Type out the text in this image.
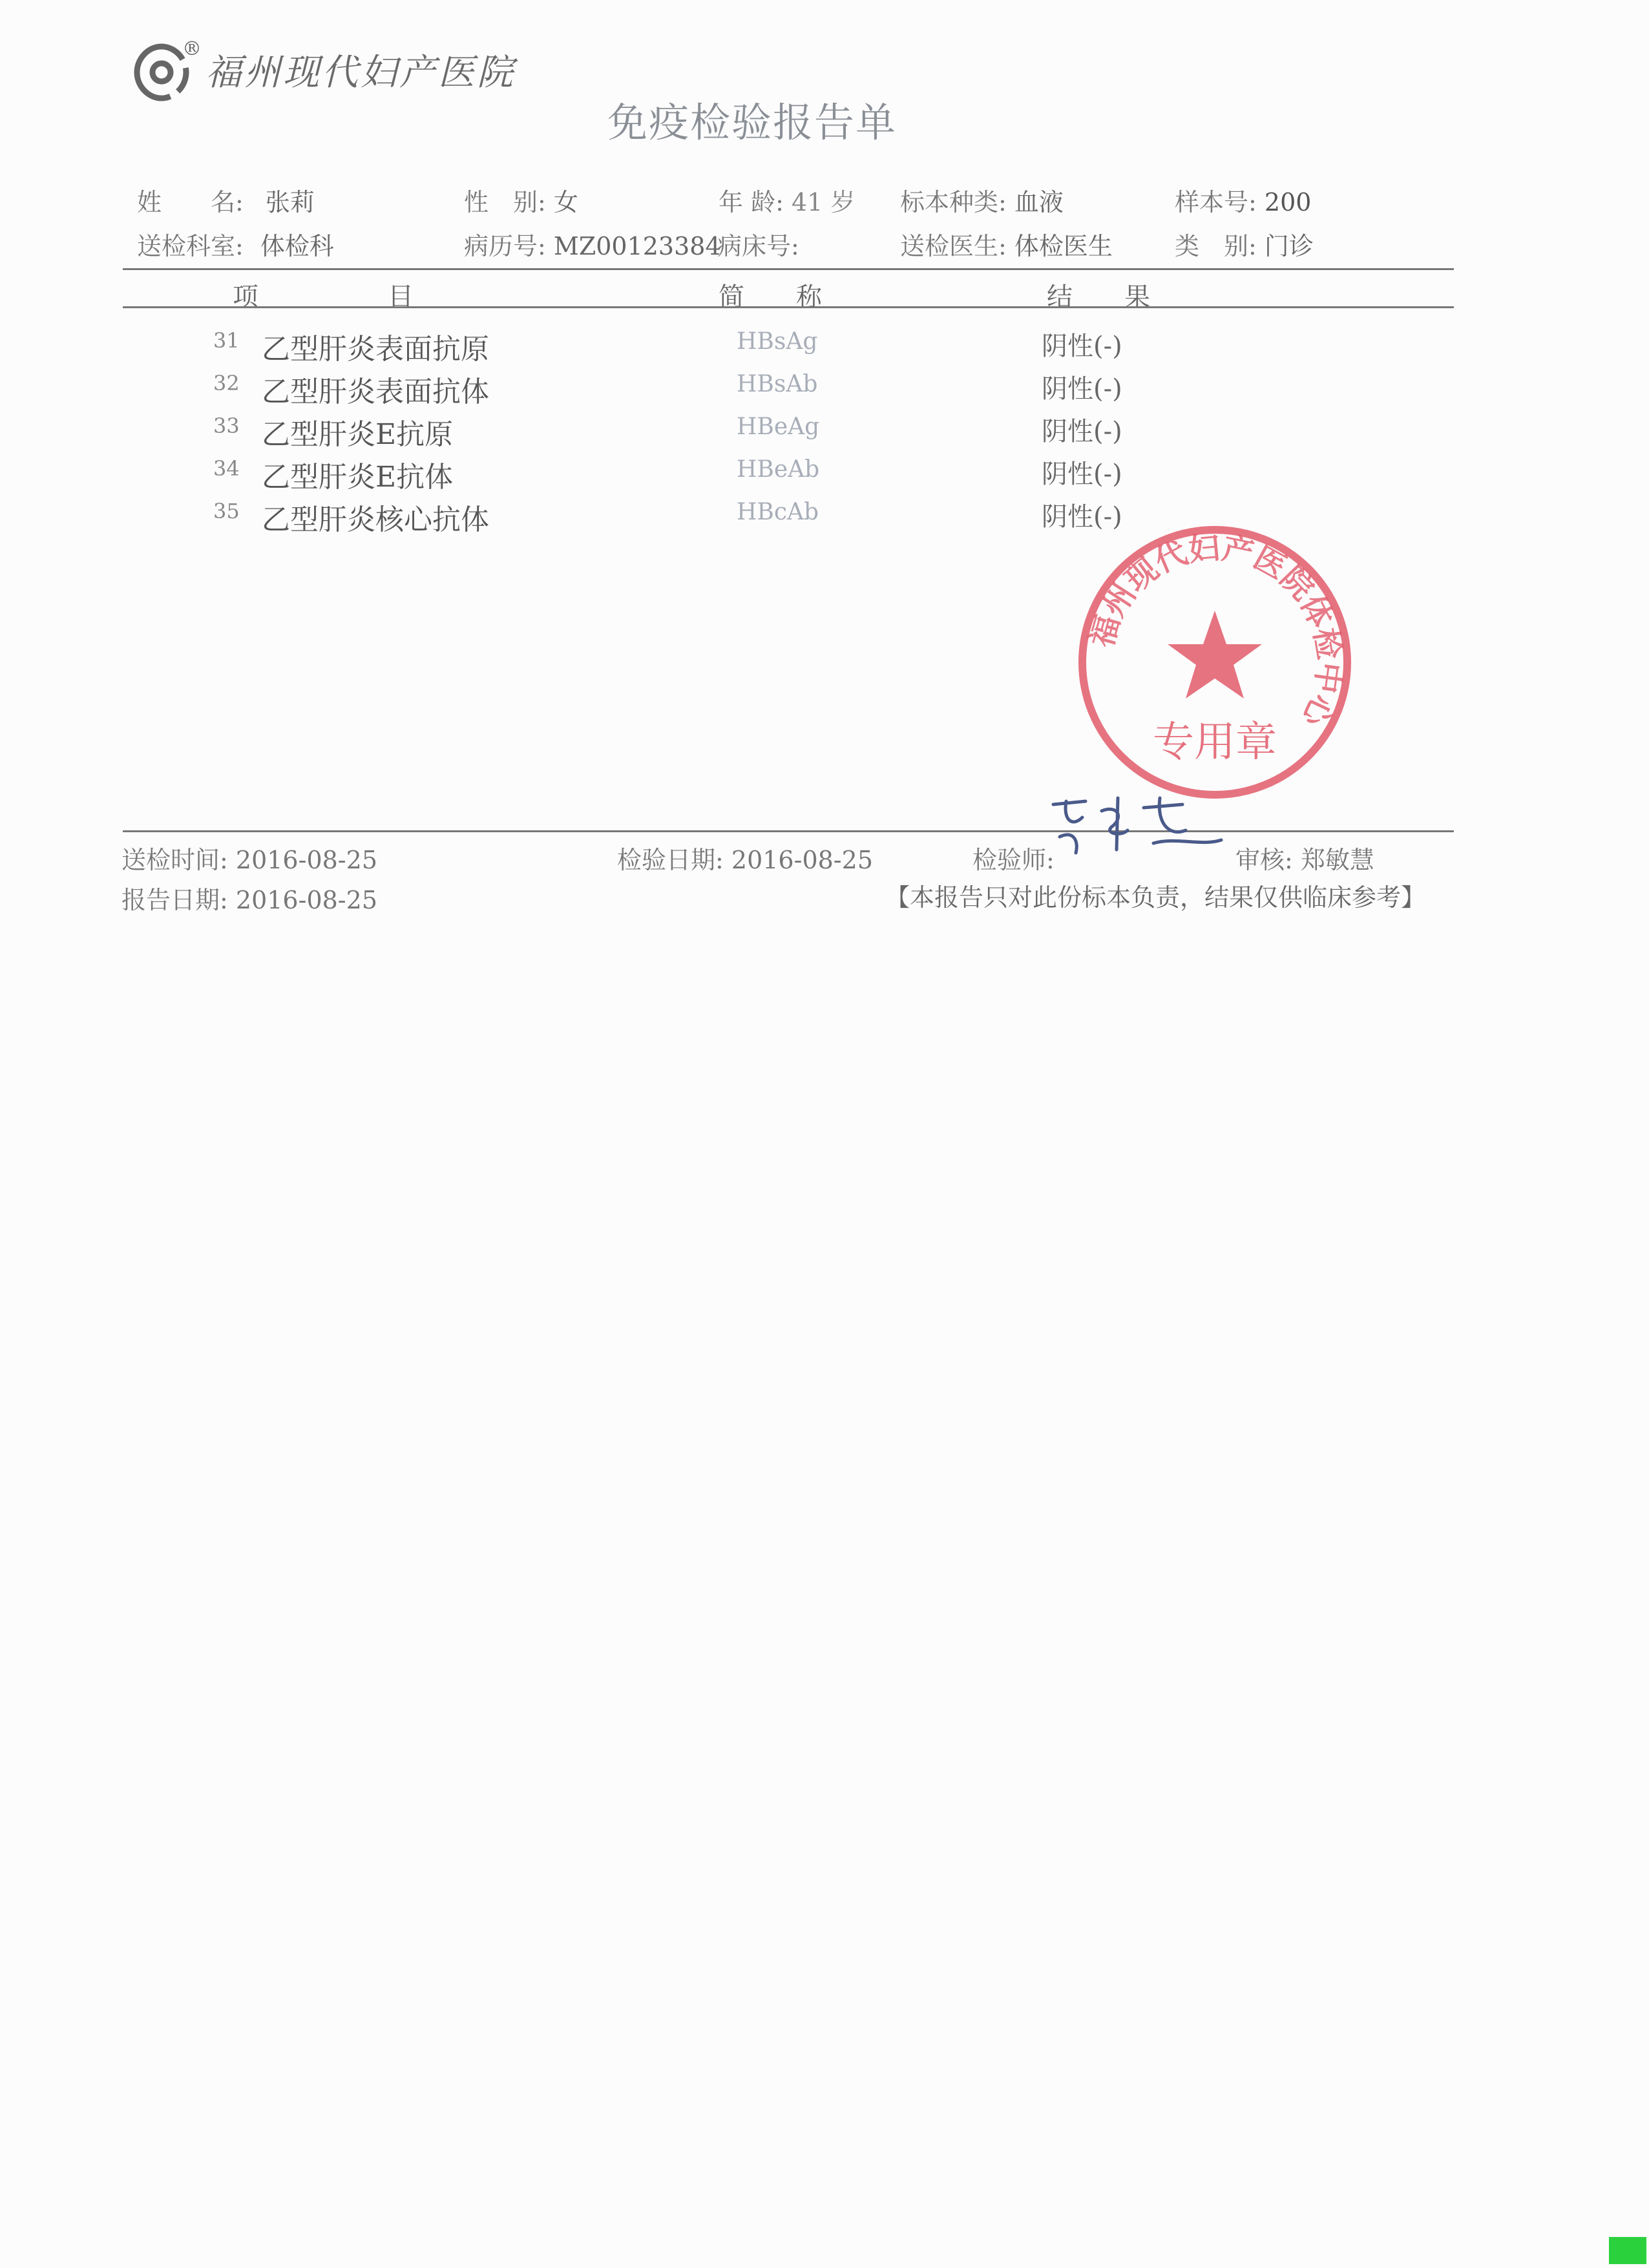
®
福州现代妇产医院
免疫检验报告单
姓　　名: 张莉	性　别: 女	年 龄: 41 岁 标本种类: 血液	样本号: 200
送检科室: 体检科	病历号: MZ00123384
病床号:	送检医生: 体检医生	类　别: 门诊
项　　　　　目	简　　称	结　　果
31 乙型肝炎表面抗原	HBsAg	阴性(-)
32 乙型肝炎表面抗体	HBsAb	阴性(-)
33 乙型肝炎E抗原	HBeAg	阴性(-)
34 乙型肝炎E抗体	HBeAb	阴性(-)
35 乙型肝炎核心抗体	HBcAb	阴性(-)
福州现代妇产医院体检中心
专用章
送检时间: 2016-08-25	检验日期: 2016-08-25	检验师:	审核: 郑敏慧
报告日期: 2016-08-25	【本报告只对此份标本负责，结果仅供临床参考】
